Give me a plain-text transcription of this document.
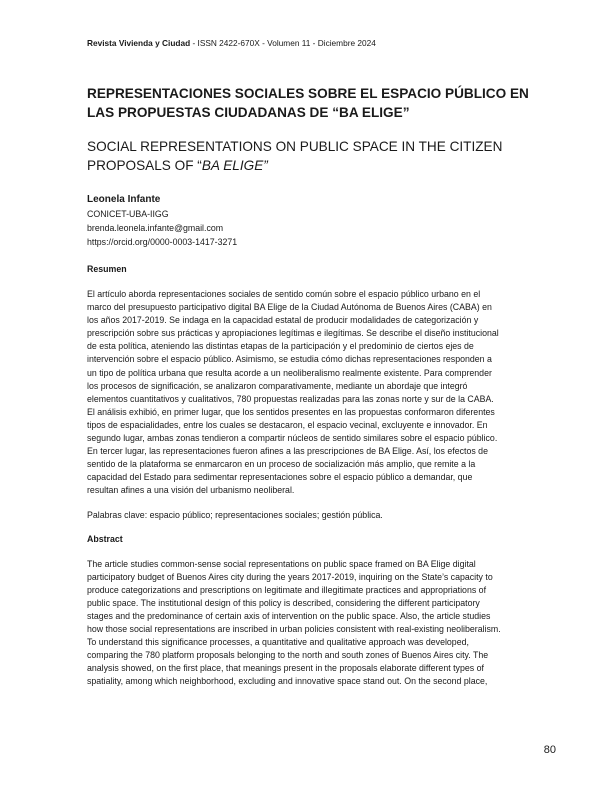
Revista Vivienda y Ciudad - ISSN 2422-670X - Volumen 11 - Diciembre 2024
REPRESENTACIONES SOCIALES SOBRE EL ESPACIO PÚBLICO EN
LAS PROPUESTAS CIUDADANAS DE “BA ELIGE”
SOCIAL REPRESENTATIONS ON PUBLIC SPACE IN THE CITIZEN
PROPOSALS OF “BA ELIGE”
Leonela Infante
CONICET-UBA-IIGG
brenda.leonela.infante@gmail.com
https://orcid.org/0000-0003-1417-3271
Resumen
El artículo aborda representaciones sociales de sentido común sobre el espacio público urbano en el
marco del presupuesto participativo digital BA Elige de la Ciudad Autónoma de Buenos Aires (CABA) en
los años 2017-2019. Se indaga en la capacidad estatal de producir modalidades de categorización y
prescripción sobre sus prácticas y apropiaciones legítimas e ilegítimas. Se describe el diseño institucional
de esta política, ateniendo las distintas etapas de la participación y el predominio de ciertos ejes de
intervención sobre el espacio público. Asimismo, se estudia cómo dichas representaciones responden a
un tipo de política urbana que resulta acorde a un neoliberalismo realmente existente. Para comprender
los procesos de significación, se analizaron comparativamente, mediante un abordaje que integró
elementos cuantitativos y cualitativos, 780 propuestas realizadas para las zonas norte y sur de la CABA.
El análisis exhibió, en primer lugar, que los sentidos presentes en las propuestas conformaron diferentes
tipos de espacialidades, entre los cuales se destacaron, el espacio vecinal, excluyente e innovador. En
segundo lugar, ambas zonas tendieron a compartir núcleos de sentido similares sobre el espacio público.
En tercer lugar, las representaciones fueron afines a las prescripciones de BA Elige. Así, los efectos de
sentido de la plataforma se enmarcaron en un proceso de socialización más amplio, que remite a la
capacidad del Estado para sedimentar representaciones sobre el espacio público a demandar, que
resultan afines a una visión del urbanismo neoliberal.
Palabras clave: espacio público; representaciones sociales; gestión pública.
Abstract
The article studies common-sense social representations on public space framed on BA Elige digital
participatory budget of Buenos Aires city during the years 2017-2019, inquiring on the State’s capacity to
produce categorizations and prescriptions on legitimate and illegitimate practices and appropriations of
public space. The institutional design of this policy is described, considering the different participatory
stages and the predominance of certain axis of intervention on the public space. Also, the article studies
how those social representations are inscribed in urban policies consistent with real-existing neoliberalism.
To understand this significance processes, a quantitative and qualitative approach was developed,
comparing the 780 platform proposals belonging to the north and south zones of Buenos Aires city. The
analysis showed, on the first place, that meanings present in the proposals elaborate different types of
spatiality, among which neighborhood, excluding and innovative space stand out. On the second place,
80
